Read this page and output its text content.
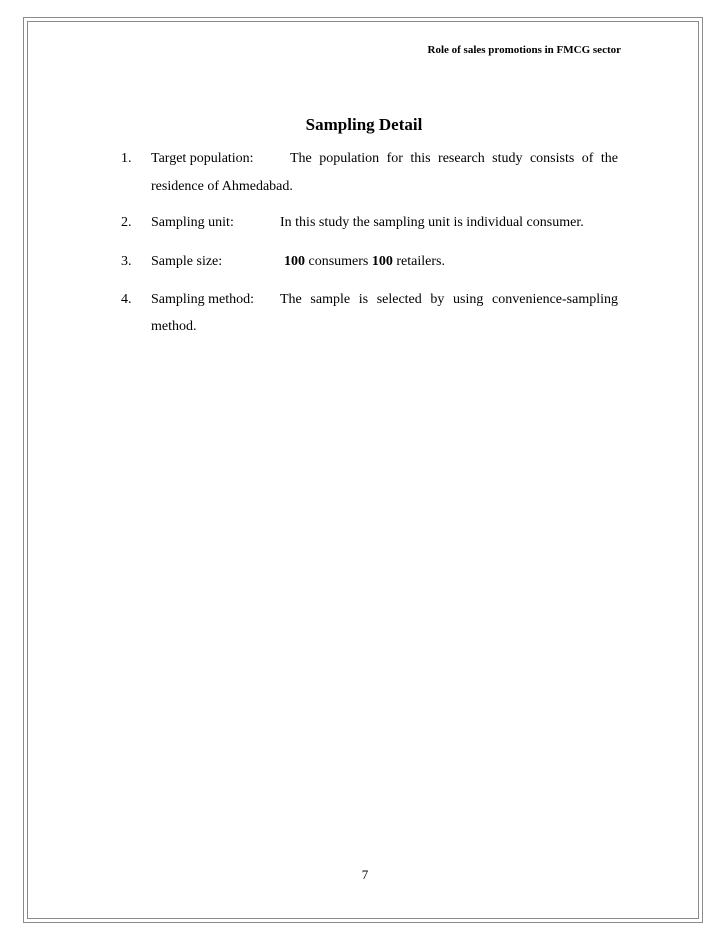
Role of sales promotions in FMCG sector
Sampling Detail
1. Target population:	The population for this research study consists of the
residence of Ahmedabad.
2. Sampling unit:	In this study the sampling unit is individual consumer.
3. Sample size:	100 consumers 100 retailers.
4. Sampling method: The sample is selected by using convenience-sampling
method.
7
